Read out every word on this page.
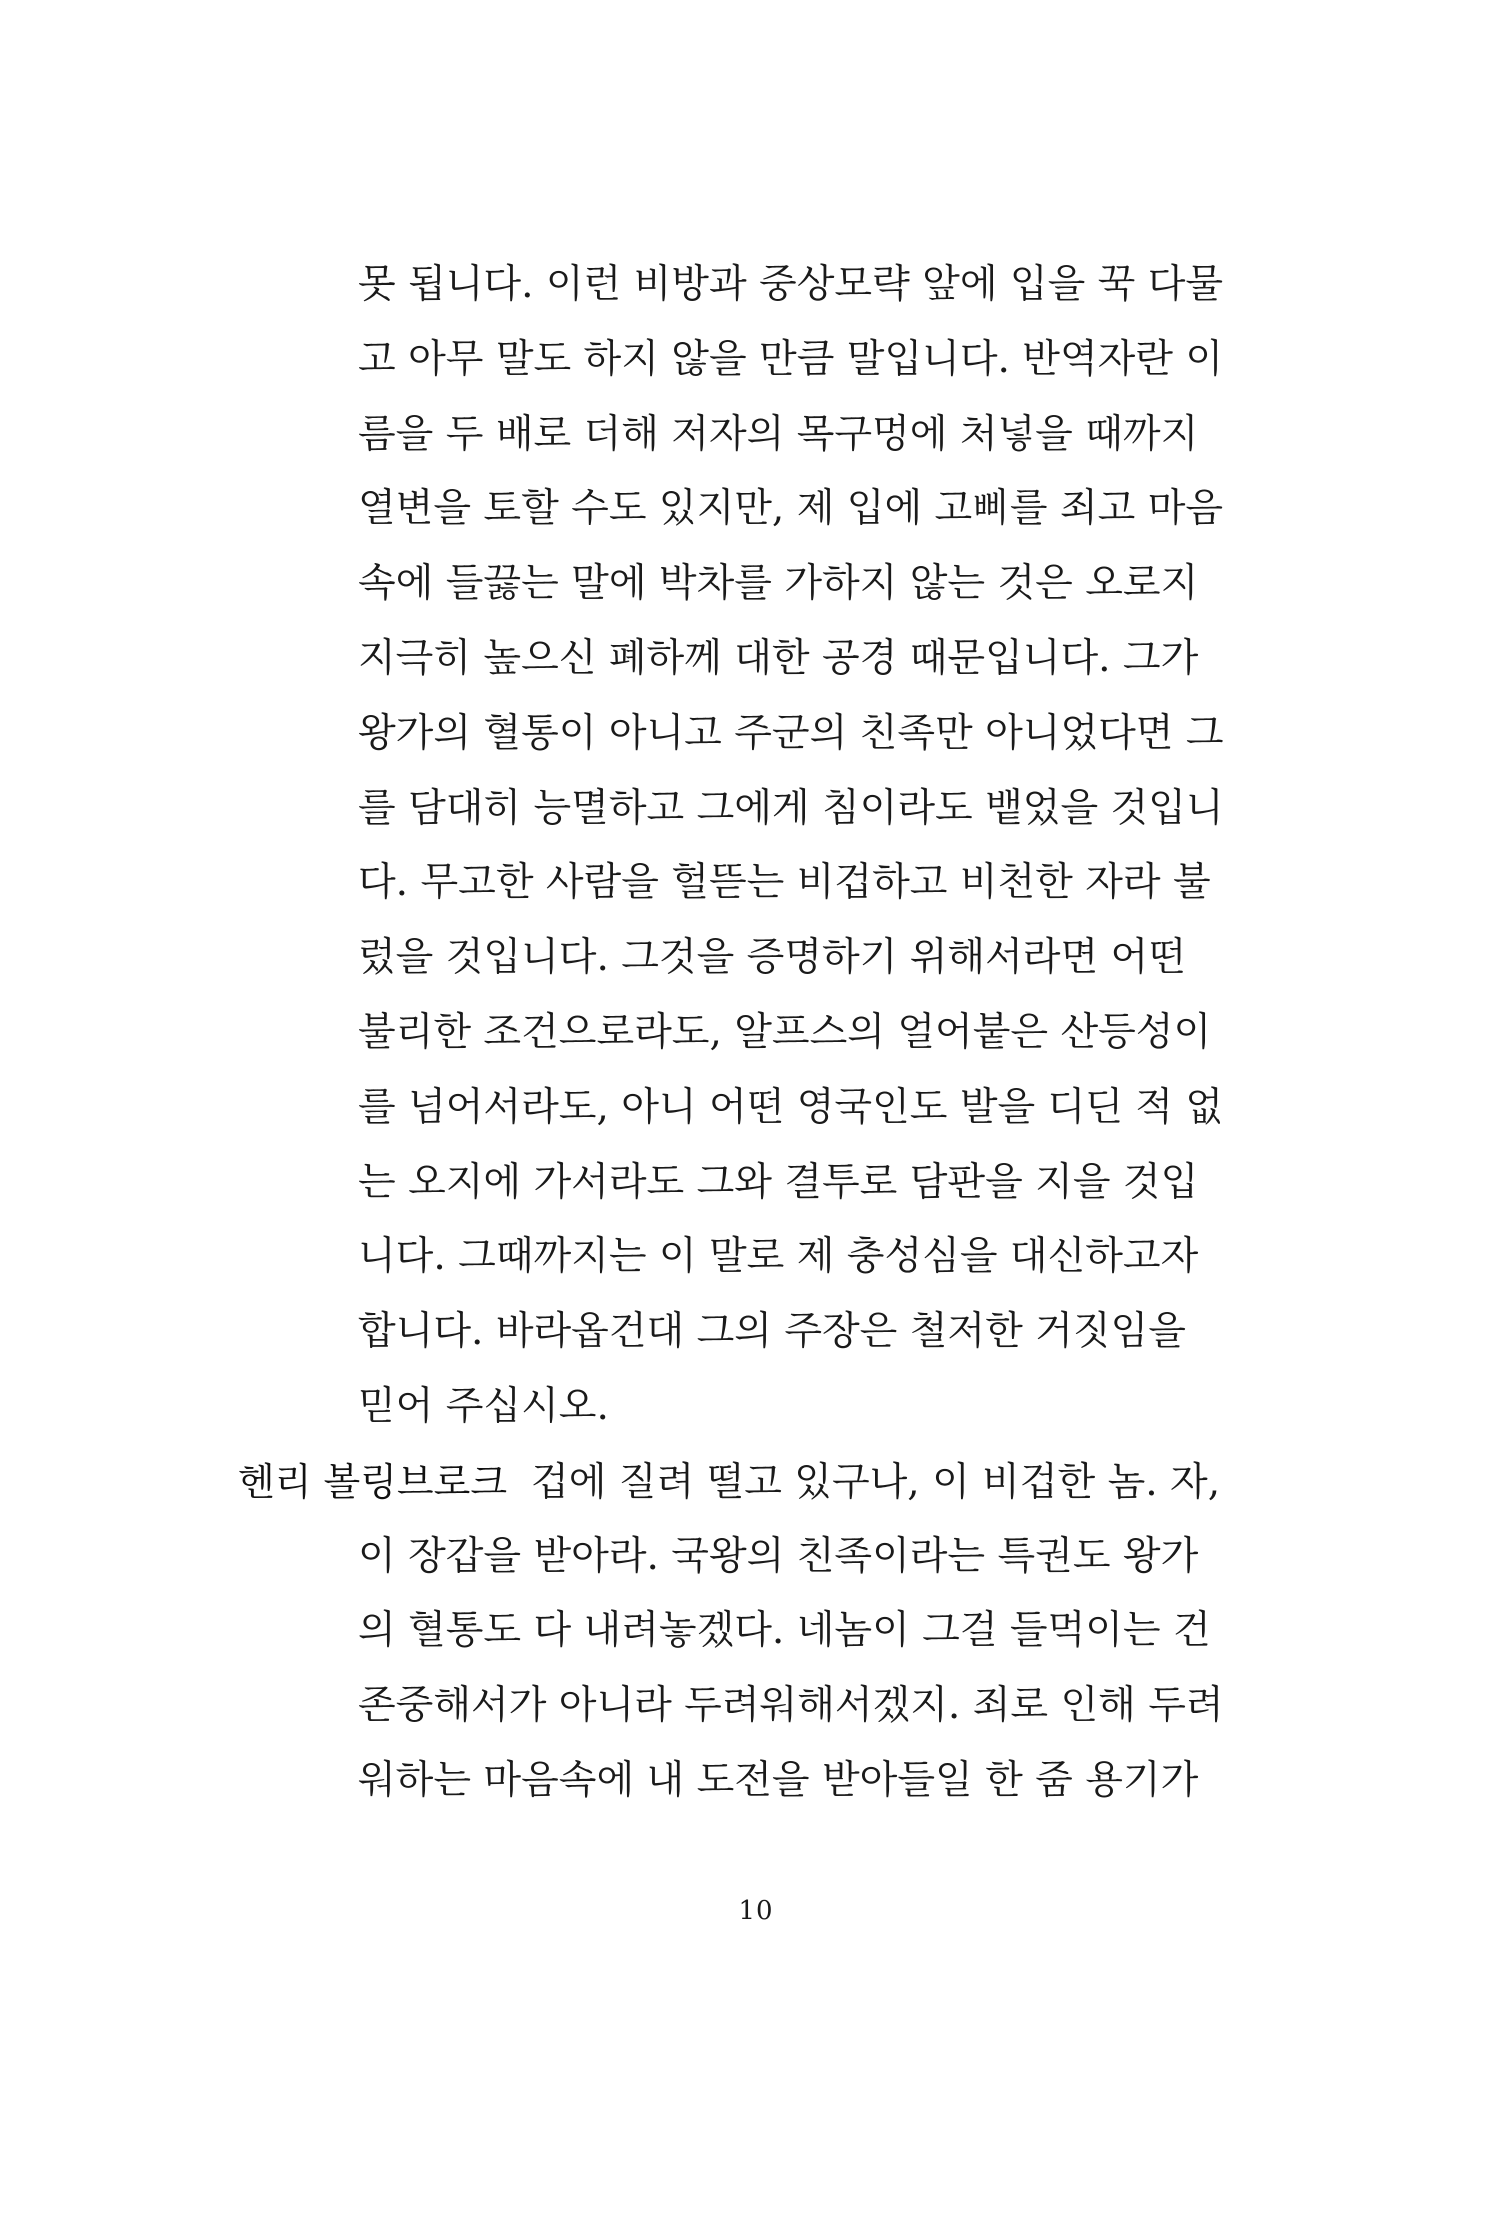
못 됩니다. 이런 비방과 중상모략 앞에 입을 꾹 다물
고 아무 말도 하지 않을 만큼 말입니다. 반역자란 이
름을 두 배로 더해 저자의 목구멍에 처넣을 때까지
열변을 토할 수도 있지만, 제 입에 고삐를 죄고 마음
속에 들끓는 말에 박차를 가하지 않는 것은 오로지
지극히 높으신 폐하께 대한 공경 때문입니다. 그가
왕가의 혈통이 아니고 주군의 친족만 아니었다면 그
를 담대히 능멸하고 그에게 침이라도 뱉었을 것입니
다. 무고한 사람을 헐뜯는 비겁하고 비천한 자라 불
렀을 것입니다. 그것을 증명하기 위해서라면 어떤
불리한 조건으로라도, 알프스의 얼어붙은 산등성이
를 넘어서라도, 아니 어떤 영국인도 발을 디딘 적 없
는 오지에 가서라도 그와 결투로 담판을 지을 것입
니다. 그때까지는 이 말로 제 충성심을 대신하고자
합니다. 바라옵건대 그의 주장은 철저한 거짓임을
믿어 주십시오.
헨리 볼링브로크 겁에 질려 떨고 있구나, 이 비겁한 놈. 자,
이 장갑을 받아라. 국왕의 친족이라는 특권도 왕가
의 혈통도 다 내려놓겠다. 네놈이 그걸 들먹이는 건
존중해서가 아니라 두려워해서겠지. 죄로 인해 두려
워하는 마음속에 내 도전을 받아들일 한 줌 용기가
10
